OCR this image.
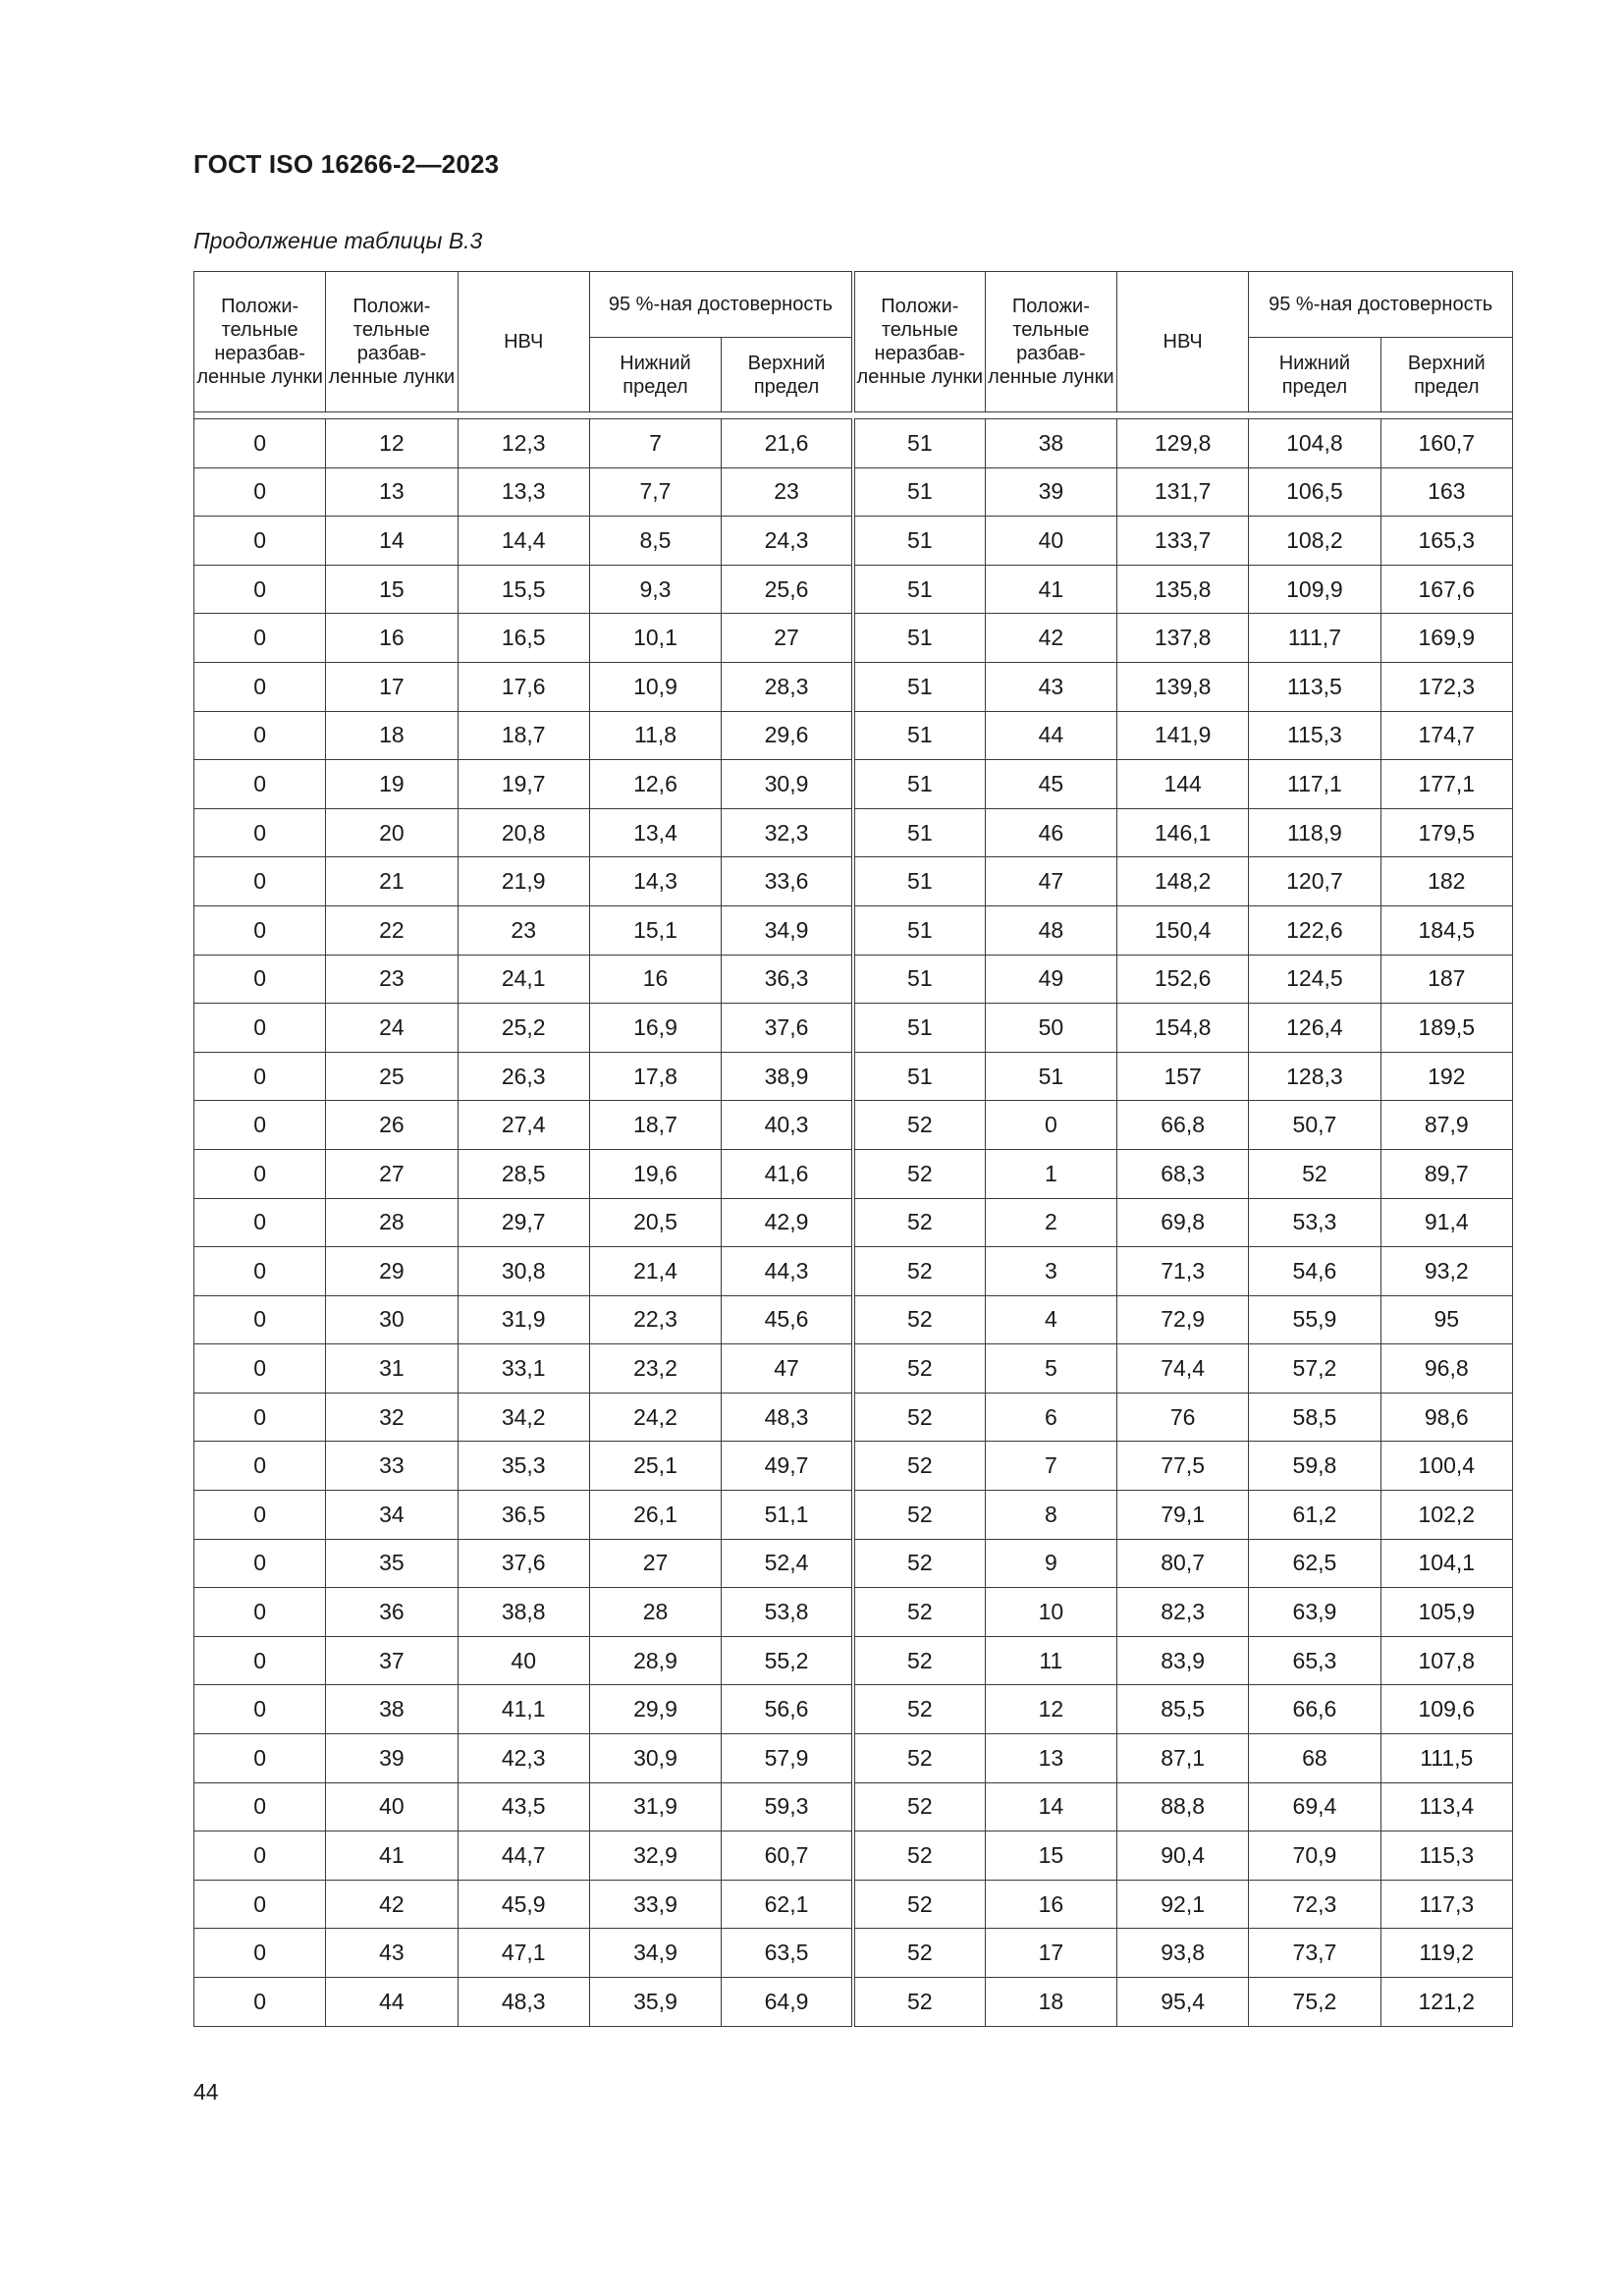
ГОСТ ISO 16266-2—2023
Продолжение таблицы B.3
Положи-тельные неразбав-ленные лунки	Положи-тельные разбав-ленные лунки	НВЧ	95 %-ная достоверность		Положи-тельные неразбав-ленные лунки	Положи-тельные разбав-ленные лунки	НВЧ	95 %-ная достоверность	
			Нижний предел	Верхний предел				Нижний предел	Верхний предел

0	12	12,3	7	21,6	51	38	129,8	104,8	160,7
0	13	13,3	7,7	23	51	39	131,7	106,5	163
0	14	14,4	8,5	24,3	51	40	133,7	108,2	165,3
0	15	15,5	9,3	25,6	51	41	135,8	109,9	167,6
0	16	16,5	10,1	27	51	42	137,8	111,7	169,9
0	17	17,6	10,9	28,3	51	43	139,8	113,5	172,3
0	18	18,7	11,8	29,6	51	44	141,9	115,3	174,7
0	19	19,7	12,6	30,9	51	45	144	117,1	177,1
0	20	20,8	13,4	32,3	51	46	146,1	118,9	179,5
0	21	21,9	14,3	33,6	51	47	148,2	120,7	182
0	22	23	15,1	34,9	51	48	150,4	122,6	184,5
0	23	24,1	16	36,3	51	49	152,6	124,5	187
0	24	25,2	16,9	37,6	51	50	154,8	126,4	189,5
0	25	26,3	17,8	38,9	51	51	157	128,3	192
0	26	27,4	18,7	40,3	52	0	66,8	50,7	87,9
0	27	28,5	19,6	41,6	52	1	68,3	52	89,7
0	28	29,7	20,5	42,9	52	2	69,8	53,3	91,4
0	29	30,8	21,4	44,3	52	3	71,3	54,6	93,2
0	30	31,9	22,3	45,6	52	4	72,9	55,9	95
0	31	33,1	23,2	47	52	5	74,4	57,2	96,8
0	32	34,2	24,2	48,3	52	6	76	58,5	98,6
0	33	35,3	25,1	49,7	52	7	77,5	59,8	100,4
0	34	36,5	26,1	51,1	52	8	79,1	61,2	102,2
0	35	37,6	27	52,4	52	9	80,7	62,5	104,1
0	36	38,8	28	53,8	52	10	82,3	63,9	105,9
0	37	40	28,9	55,2	52	11	83,9	65,3	107,8
0	38	41,1	29,9	56,6	52	12	85,5	66,6	109,6
0	39	42,3	30,9	57,9	52	13	87,1	68	111,5
0	40	43,5	31,9	59,3	52	14	88,8	69,4	113,4
0	41	44,7	32,9	60,7	52	15	90,4	70,9	115,3
0	42	45,9	33,9	62,1	52	16	92,1	72,3	117,3
0	43	47,1	34,9	63,5	52	17	93,8	73,7	119,2
0	44	48,3	35,9	64,9	52	18	95,4	75,2	121,2
44
